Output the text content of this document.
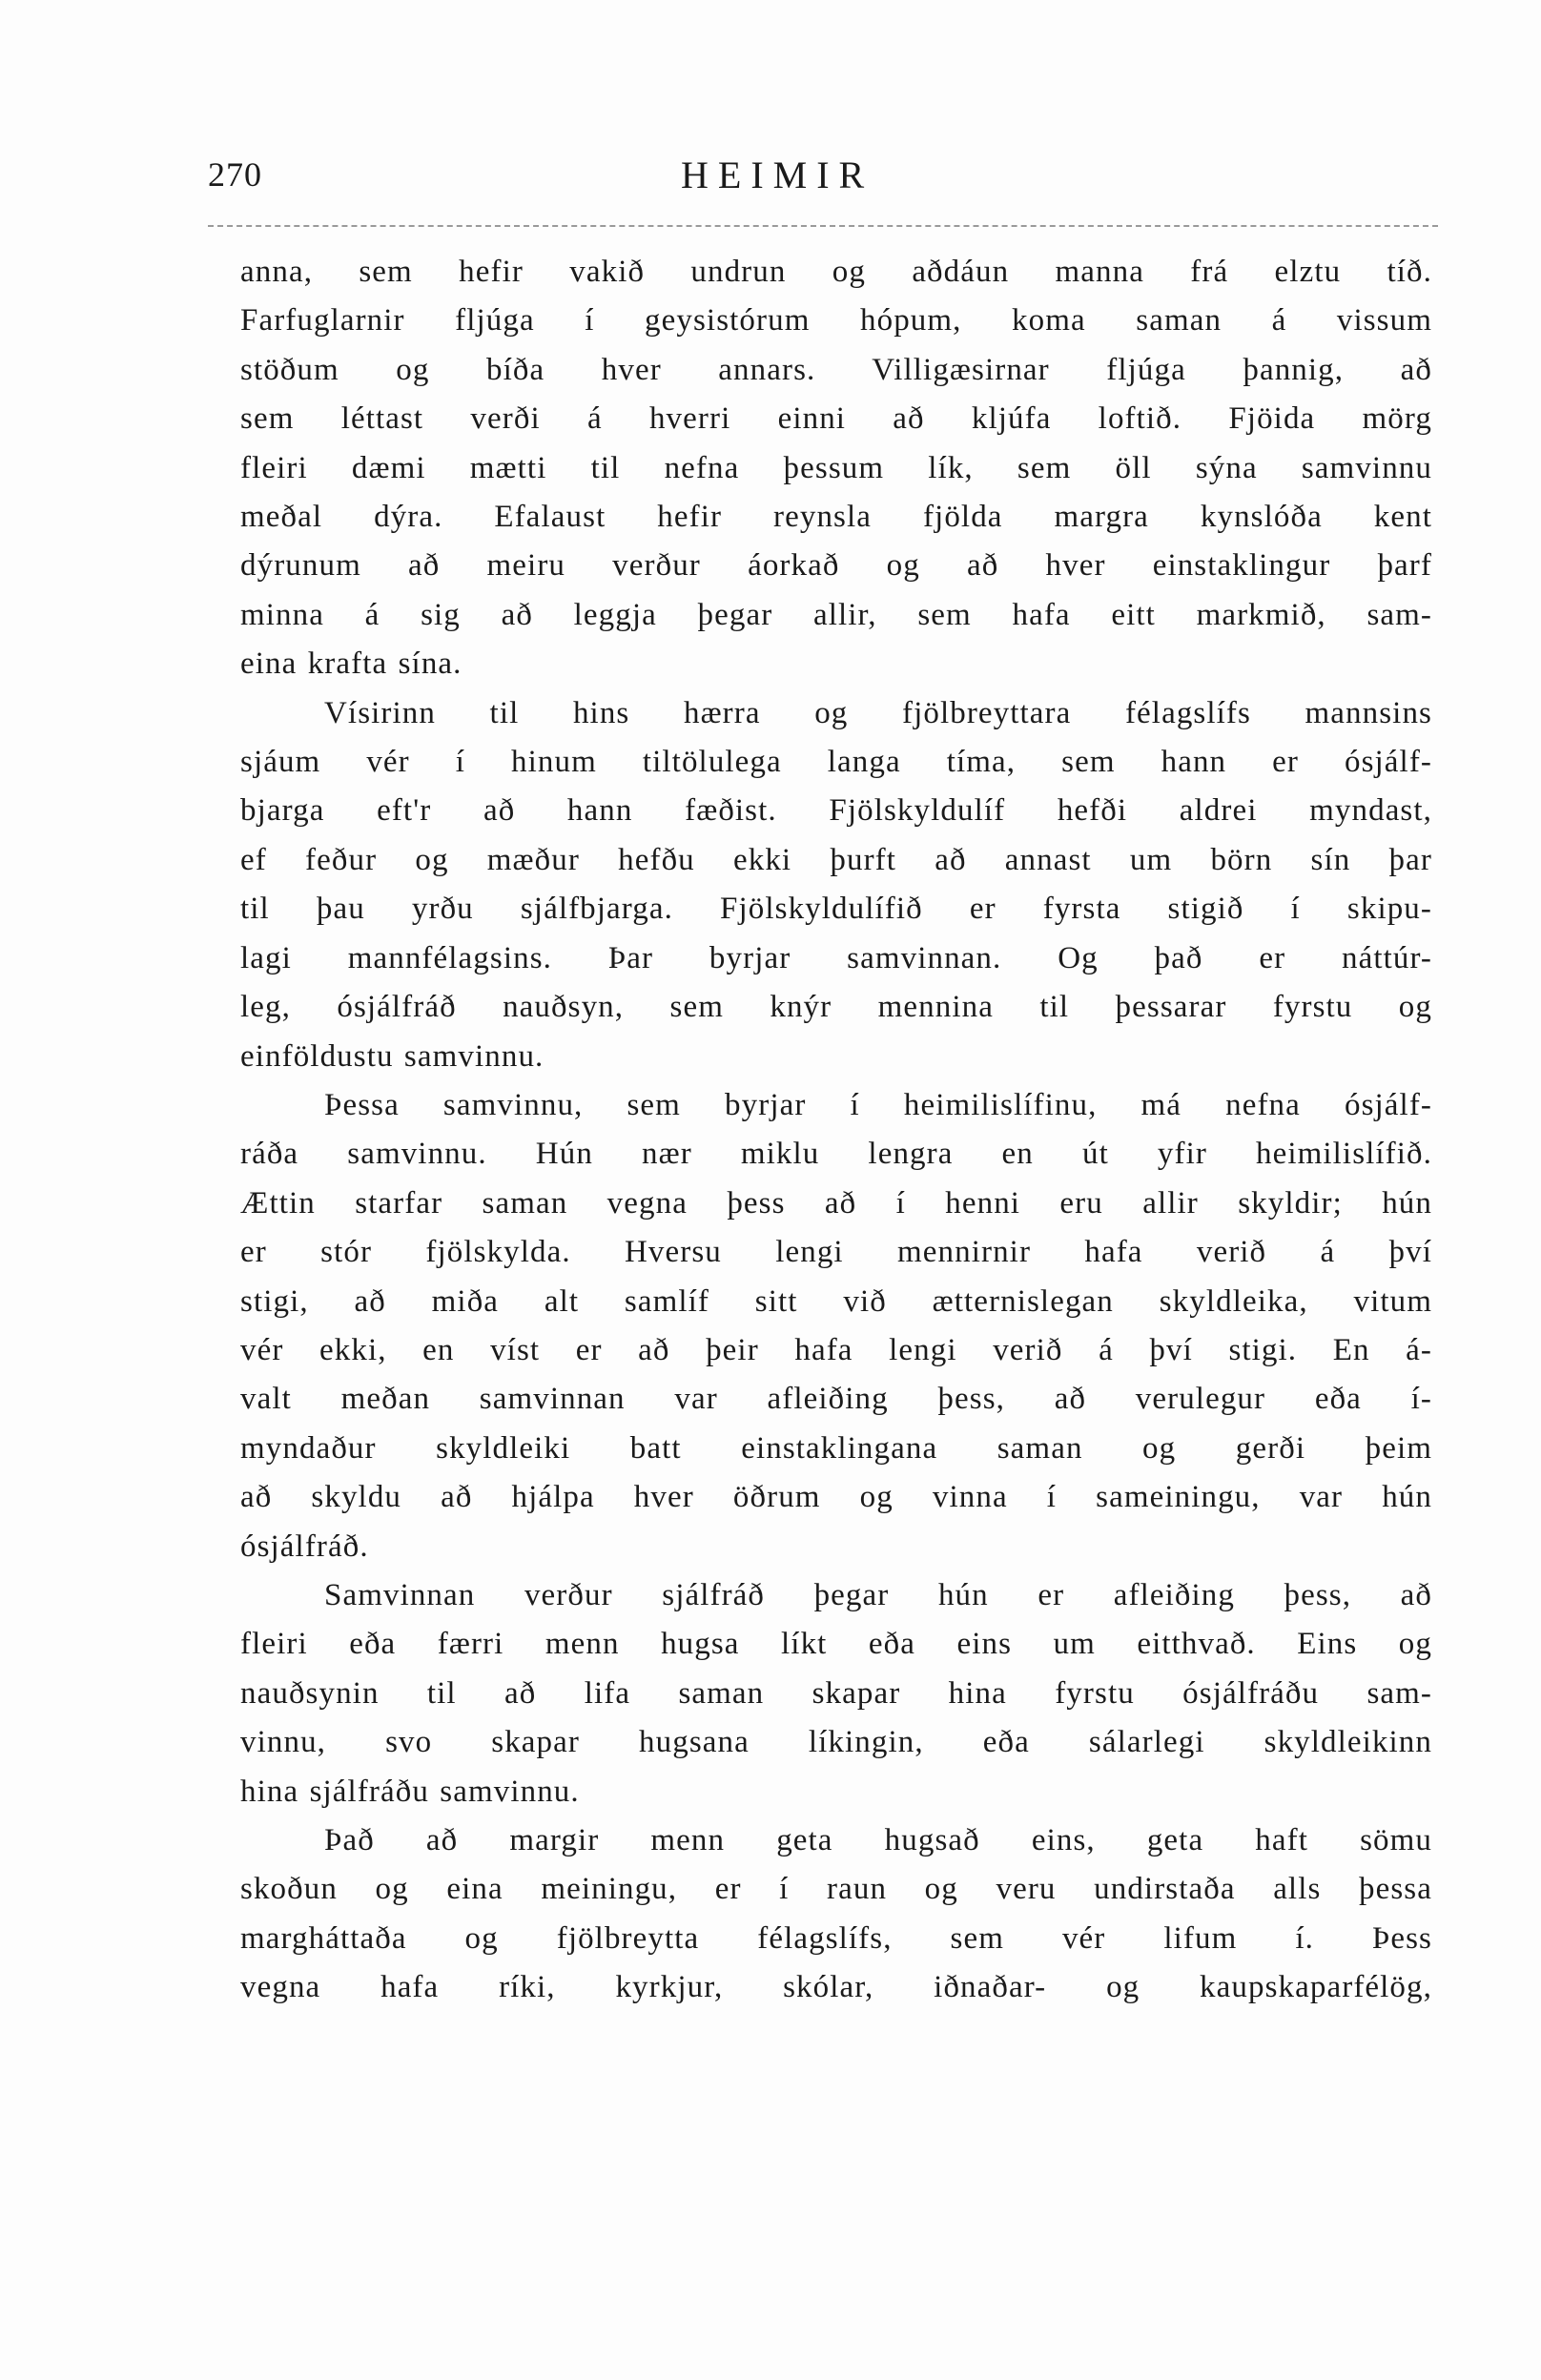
270	HEIMIR
anna, sem hefir vakið undrun og aðdáun manna frá elztu tíð.
Farfuglarnir fljúga í geysistórum hópum, koma saman á vissum
stöðum og bíða hver annars. Villigæsirnar fljúga þannig, að
sem léttast verði á hverri einni að kljúfa loftið. Fjöida mörg
fleiri dæmi mætti til nefna þessum lík, sem öll sýna samvinnu
meðal dýra. Efalaust hefir reynsla fjölda margra kynslóða kent
dýrunum að meiru verður áorkað og að hver einstaklingur þarf
minna á sig að leggja þegar allir, sem hafa eitt markmið, sam-
eina krafta sína.
Vísirinn til hins hærra og fjölbreyttara félagslífs mannsins
sjáum vér í hinum tiltölulega langa tíma, sem hann er ósjálf-
bjarga eft'r að hann fæðist. Fjölskyldulíf hefði aldrei myndast,
ef feður og mæður hefðu ekki þurft að annast um börn sín þar
til þau yrðu sjálfbjarga. Fjölskyldulífið er fyrsta stigið í skipu-
lagi mannfélagsins. Þar byrjar samvinnan. Og það er náttúr-
leg, ósjálfráð nauðsyn, sem knýr mennina til þessarar fyrstu og
einföldustu samvinnu.
Þessa samvinnu, sem byrjar í heimilislífinu, má nefna ósjálf-
ráða samvinnu. Hún nær miklu lengra en út yfir heimilislífið.
Ættin starfar saman vegna þess að í henni eru allir skyldir; hún
er stór fjölskylda. Hversu lengi mennirnir hafa verið á því
stigi, að miða alt samlíf sitt við ætternislegan skyldleika, vitum
vér ekki, en víst er að þeir hafa lengi verið á því stigi. En á-
valt meðan samvinnan var afleiðing þess, að verulegur eða í-
myndaður skyldleiki batt einstaklingana saman og gerði þeim
að skyldu að hjálpa hver öðrum og vinna í sameiningu, var hún
ósjálfráð.
Samvinnan verður sjálfráð þegar hún er afleiðing þess, að
fleiri eða færri menn hugsa líkt eða eins um eitthvað. Eins og
nauðsynin til að lifa saman skapar hina fyrstu ósjálfráðu sam-
vinnu, svo skapar hugsana líkingin, eða sálarlegi skyldleikinn
hina sjálfráðu samvinnu.
Það að margir menn geta hugsað eins, geta haft sömu
skoðun og eina meiningu, er í raun og veru undirstaða alls þessa
margháttaða og fjölbreytta félagslífs, sem vér lifum í. Þess
vegna hafa ríki, kyrkjur, skólar, iðnaðar- og kaupskaparfélög,
